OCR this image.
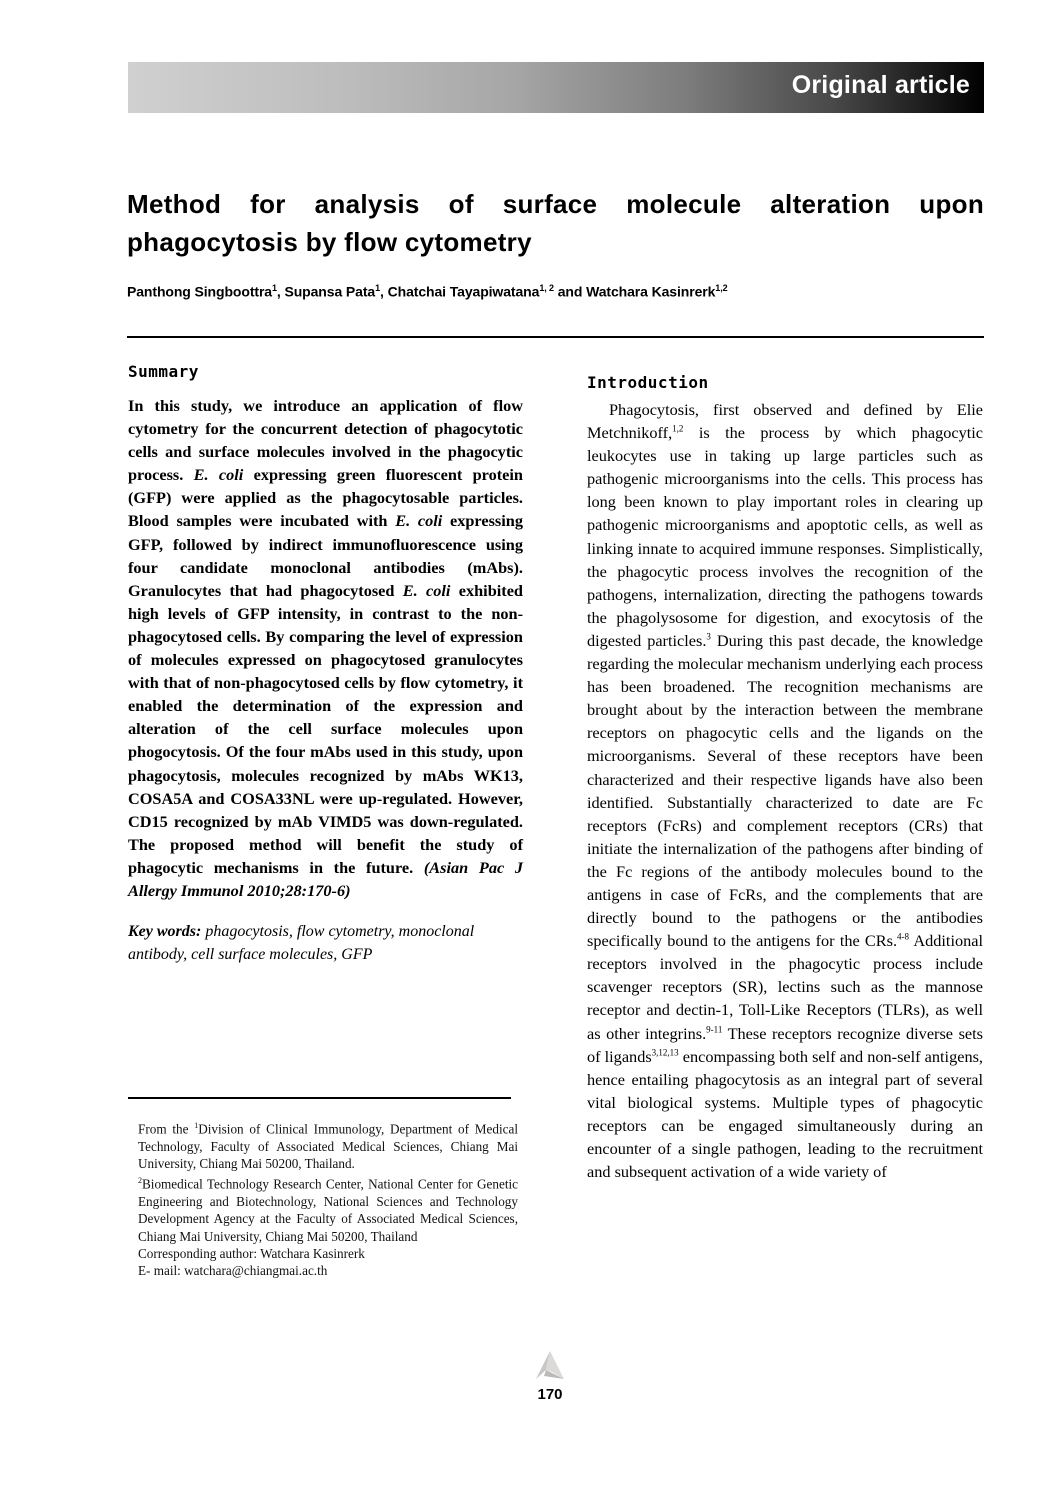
Original article
Method for analysis of surface molecule alteration upon phagocytosis by flow cytometry
Panthong Singboottra$^1$, Supansa Pata$^1$, Chatchai Tayapiwatana$^{1, 2}$ and Watchara Kasinrerk$^{1,2}$
Summary
In this study, we introduce an application of flow cytometry for the concurrent detection of phagocytotic cells and surface molecules involved in the phagocytic process. E. coli expressing green fluorescent protein (GFP) were applied as the phagocytosable particles. Blood samples were incubated with E. coli expressing GFP, followed by indirect immunofluorescence using four candidate monoclonal antibodies (mAbs). Granulocytes that had phagocytosed E. coli exhibited high levels of GFP intensity, in contrast to the non-phagocytosed cells. By comparing the level of expression of molecules expressed on phagocytosed granulocytes with that of non-phagocytosed cells by flow cytometry, it enabled the determination of the expression and alteration of the cell surface molecules upon phogocytosis. Of the four mAbs used in this study, upon phagocytosis, molecules recognized by mAbs WK13, COSA5A and COSA33NL were up-regulated. However, CD15 recognized by mAb VIMD5 was down-regulated. The proposed method will benefit the study of phagocytic mechanisms in the future. (Asian Pac J Allergy Immunol 2010;28:170-6)
Key words: phagocytosis, flow cytometry, monoclonal antibody, cell surface molecules, GFP

From the $^1$Division of Clinical Immunology, Department of Medical Technology, Faculty of Associated Medical Sciences, Chiang Mai University, Chiang Mai 50200, Thailand.

$^2$Biomedical Technology Research Center, National Center for Genetic Engineering and Biotechnology, National Sciences and Technology Development Agency at the Faculty of Associated Medical Sciences, Chiang Mai University, Chiang Mai 50200, Thailand

Corresponding author: Watchara Kasinrerk

E- mail: watchara@chiangmai.ac.th

Introduction
Phagocytosis, first observed and defined by Elie Metchnikoff,$^{1,2}$ is the process by which phagocytic leukocytes use in taking up large particles such as pathogenic microorganisms into the cells. This process has long been known to play important roles in clearing up pathogenic microorganisms and apoptotic cells, as well as linking innate to acquired immune responses. Simplistically, the phagocytic process involves the recognition of the pathogens, internalization, directing the pathogens towards the phagolysosome for digestion, and exocytosis of the digested particles.$^3$ During this past decade, the knowledge regarding the molecular mechanism underlying each process has been broadened. The recognition mechanisms are brought about by the interaction between the membrane receptors on phagocytic cells and the ligands on the microorganisms. Several of these receptors have been characterized and their respective ligands have also been identified. Substantially characterized to date are Fc receptors (FcRs) and complement receptors (CRs) that initiate the internalization of the pathogens after binding of the Fc regions of the antibody molecules bound to the antigens in case of FcRs, and the complements that are directly bound to the pathogens or the antibodies specifically bound to the antigens for the CRs.$^{4-8}$ Additional receptors involved in the phagocytic process include scavenger receptors (SR), lectins such as the mannose receptor and dectin-1, Toll-Like Receptors (TLRs), as well as other integrins.$^{9-11}$ These receptors recognize diverse sets of ligands$^{3,12,13}$ encompassing both self and non-self antigens, hence entailing phagocytosis as an integral part of several vital biological systems. Multiple types of phagocytic receptors can be engaged simultaneously during an encounter of a single pathogen, leading to the recruitment and subsequent activation of a wide variety of
170
